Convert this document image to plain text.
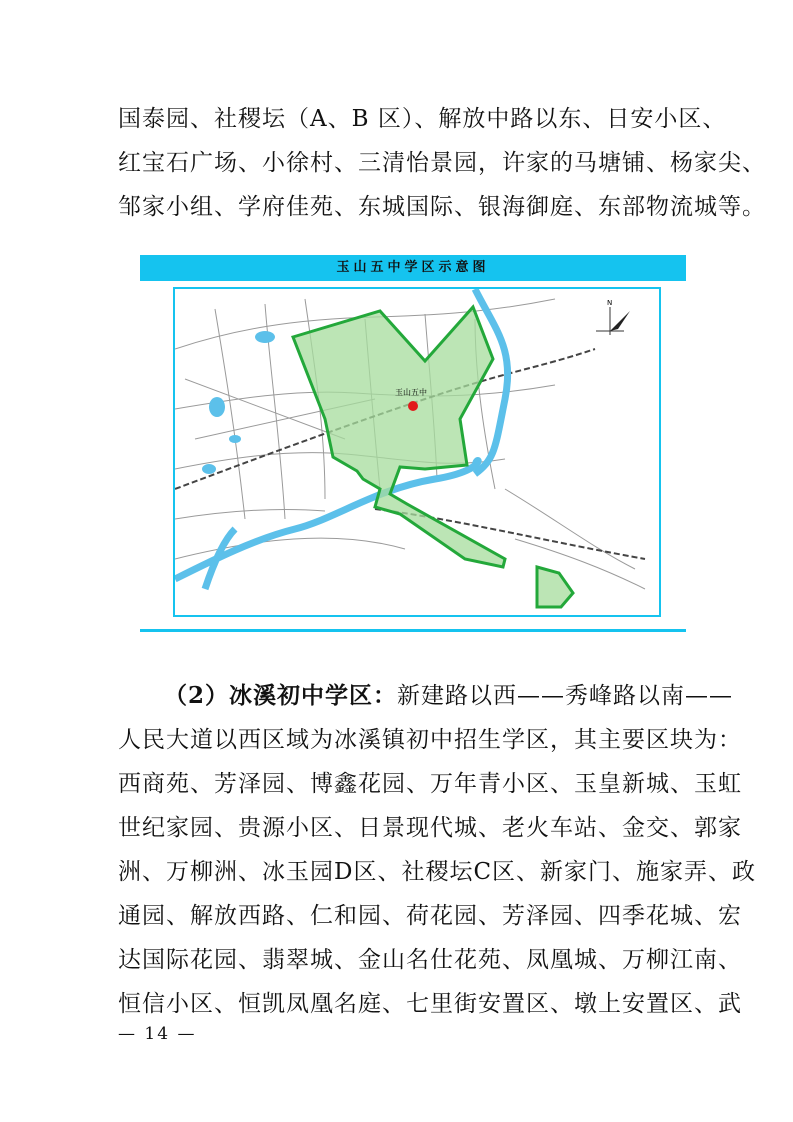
国泰园、社稷坛（A、B 区）、解放中路以东、日安小区、
红宝石广场、小徐村、三清怡景园，许家的马塘铺、杨家尖、
邹家小组、学府佳苑、东城国际、银海御庭、东部物流城等。
玉山五中学区示意图
玉山五中
N
（2）冰溪初中学区：新建路以西——秀峰路以南——
人民大道以西区域为冰溪镇初中招生学区，其主要区块为：
西商苑、芳泽园、博鑫花园、万年青小区、玉皇新城、玉虹
世纪家园、贵源小区、日景现代城、老火车站、金交、郭家
洲、万柳洲、冰玉园D区、社稷坛C区、新家门、施家弄、政
通园、解放西路、仁和园、荷花园、芳泽园、四季花城、宏
达国际花园、翡翠城、金山名仕花苑、凤凰城、万柳江南、
恒信小区、恒凯凤凰名庭、七里街安置区、墩上安置区、武
— 14 —
